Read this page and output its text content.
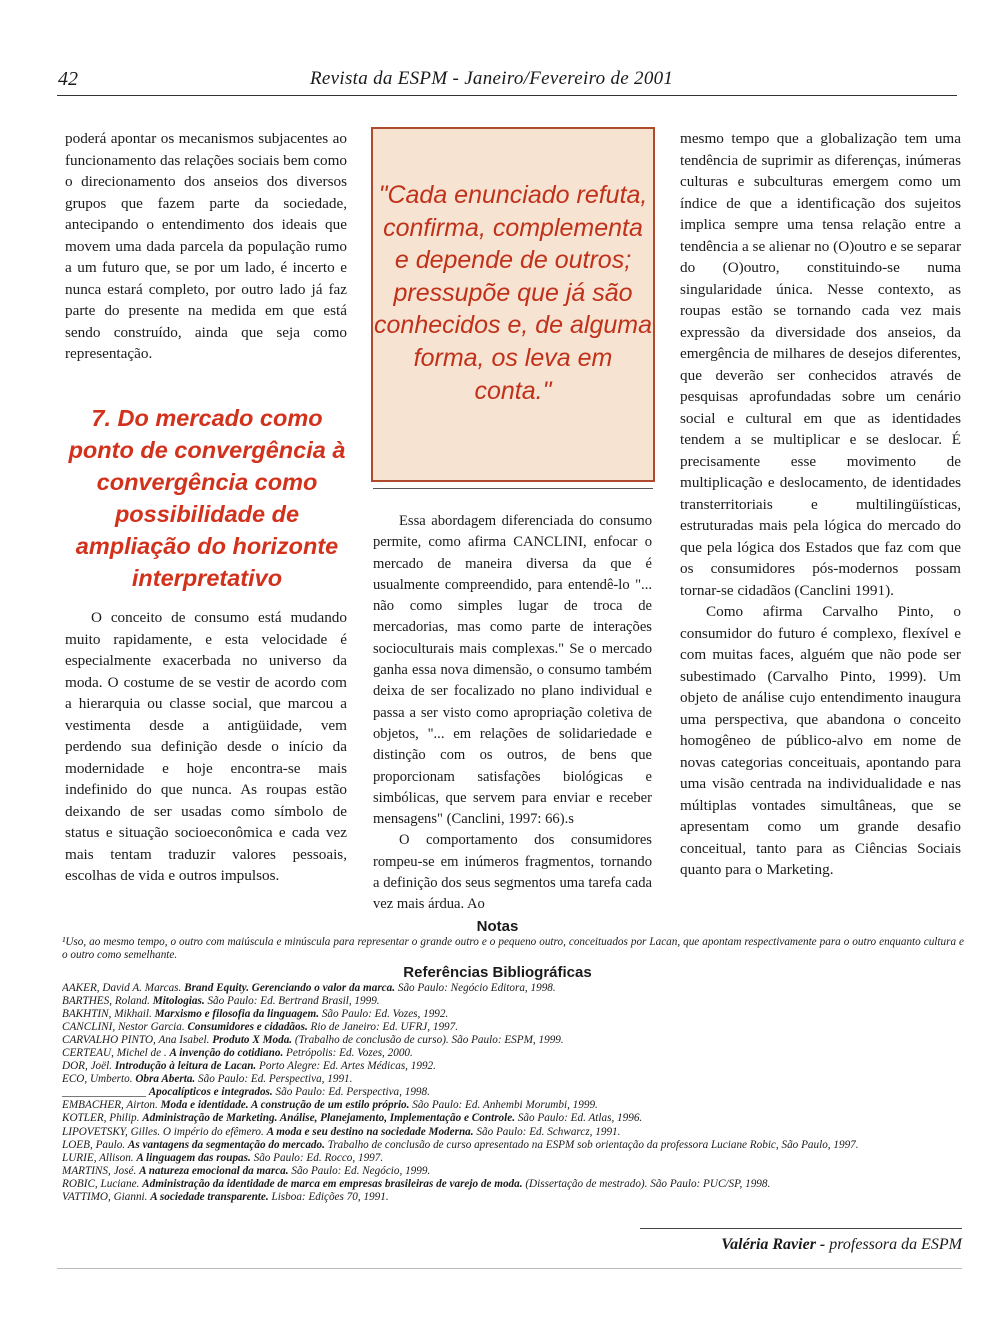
42	Revista da ESPM - Janeiro/Fevereiro de 2001

poderá apontar os mecanismos subjacentes ao funcionamento das relações sociais bem como o direcionamento dos anseios dos diversos grupos que fazem parte da sociedade, antecipando o entendimento dos ideais que movem uma dada parcela da população rumo a um futuro que, se por um lado, é incerto e nunca estará completo, por outro lado já faz parte do presente na medida em que está sendo construído, ainda que seja como representação.

7. Do mercado como ponto de convergência à convergência como possibilidade de ampliação do horizonte interpretativo

O conceito de consumo está mudando muito rapidamente, e esta velocidade é especialmente exacerbada no universo da moda. O costume de se vestir de acordo com a hierarquia ou classe social, que marcou a vestimenta desde a antigüidade, vem perdendo sua definição desde o início da modernidade e hoje encontra-se mais indefinido do que nunca. As roupas estão deixando de ser usadas como símbolo de status e situação socioeconômica e cada vez mais tentam traduzir valores pessoais, escolhas de vida e outros impulsos.

"Cada enunciado refuta, confirma, complementa e depende de outros; pressupõe que já são conhecidos e, de alguma forma, os leva em conta."

Essa abordagem diferenciada do consumo permite, como afirma CANCLINI, enfocar o mercado de maneira diversa da que é usualmente compreendido, para entendê-lo "... não como simples lugar de troca de mercadorias, mas como parte de interações socioculturais mais complexas." Se o mercado ganha essa nova dimensão, o consumo também deixa de ser focalizado no plano individual e passa a ser visto como apropriação coletiva de objetos, "... em relações de solidariedade e distinção com os outros, de bens que proporcionam satisfações biológicas e simbólicas, que servem para enviar e receber mensagens" (Canclini, 1997: 66).s

O comportamento dos consumidores rompeu-se em inúmeros fragmentos, tornando a definição dos seus segmentos uma tarefa cada vez mais árdua. Ao

mesmo tempo que a globalização tem uma tendência de suprimir as diferenças, inúmeras culturas e subculturas emergem como um índice de que a identificação dos sujeitos implica sempre uma tensa relação entre a tendência a se alienar no (O)outro e se separar do (O)outro, constituindo-se numa singularidade única. Nesse contexto, as roupas estão se tornando cada vez mais expressão da diversidade dos anseios, da emergência de milhares de desejos diferentes, que deverão ser conhecidos através de pesquisas aprofundadas sobre um cenário social e cultural em que as identidades tendem a se multiplicar e se deslocar. É precisamente esse movimento de multiplicação e deslocamento, de identidades transterritoriais e multilingüísticas, estruturadas mais pela lógica do mercado do que pela lógica dos Estados que faz com que os consumidores pós-modernos possam tornar-se cidadãos (Canclini 1991).

Como afirma Carvalho Pinto, o consumidor do futuro é complexo, flexível e com muitas faces, alguém que não pode ser subestimado (Carvalho Pinto, 1999). Um objeto de análise cujo entendimento inaugura uma perspectiva, que abandona o conceito homogêneo de público-alvo em nome de novas categorias conceituais, apontando para uma visão centrada na individualidade e nas múltiplas vontades simultâneas, que se apresentam como um grande desafio conceitual, tanto para as Ciências Sociais quanto para o Marketing.

Notas
¹Uso, ao mesmo tempo, o outro com maiúscula e minúscula para representar o grande outro e o pequeno outro, conceituados por Lacan, que apontam respectivamente para o outro enquanto cultura e o outro como semelhante.
Referências Bibliográficas
AAKER, David A. Marcas. Brand Equity. Gerenciando o valor da marca. São Paulo: Negócio Editora, 1998.
BARTHES, Roland. Mitologias. São Paulo: Ed. Bertrand Brasil, 1999.
BAKHTIN, Mikhail. Marxismo e filosofia da linguagem. São Paulo: Ed. Vozes, 1992.
CANCLINI, Nestor Garcia. Consumidores e cidadãos. Rio de Janeiro: Ed. UFRJ, 1997.
CARVALHO PINTO, Ana Isabel. Produto X Moda. (Trabalho de conclusão de curso). São Paulo: ESPM, 1999.
CERTEAU, Michel de . A invenção do cotidiano. Petrópolis: Ed. Vozes, 2000.
DOR, Joël. Introdução à leitura de Lacan. Porto Alegre: Ed. Artes Médicas, 1992.
ECO, Umberto. Obra Aberta. São Paulo: Ed. Perspectiva, 1991.
_______________ Apocalípticos e integrados. São Paulo: Ed. Perspectiva, 1998.
EMBACHER, Airton. Moda e identidade. A construção de um estilo próprio. São Paulo: Ed. Anhembi Morumbi, 1999.
KOTLER, Philip. Administração de Marketing. Análise, Planejamento, Implementação e Controle. São Paulo: Ed. Atlas, 1996.
LIPOVETSKY, Gilles. O império do efêmero. A moda e seu destino na sociedade Moderna. São Paulo: Ed. Schwarcz, 1991.
LOEB, Paulo. As vantagens da segmentação do mercado. Trabalho de conclusão de curso apresentado na ESPM sob orientação da professora Luciane Robic, São Paulo, 1997.
LURIE, Allison. A linguagem das roupas. São Paulo: Ed. Rocco, 1997.
MARTINS, José. A natureza emocional da marca. São Paulo: Ed. Negócio, 1999.
ROBIC, Luciane. Administração da identidade de marca em empresas brasileiras de varejo de moda. (Dissertação de mestrado). São Paulo: PUC/SP, 1998.
VATTIMO, Gianni. A sociedade transparente. Lisboa: Edições 70, 1991.
Valéria Ravier - professora da ESPM
